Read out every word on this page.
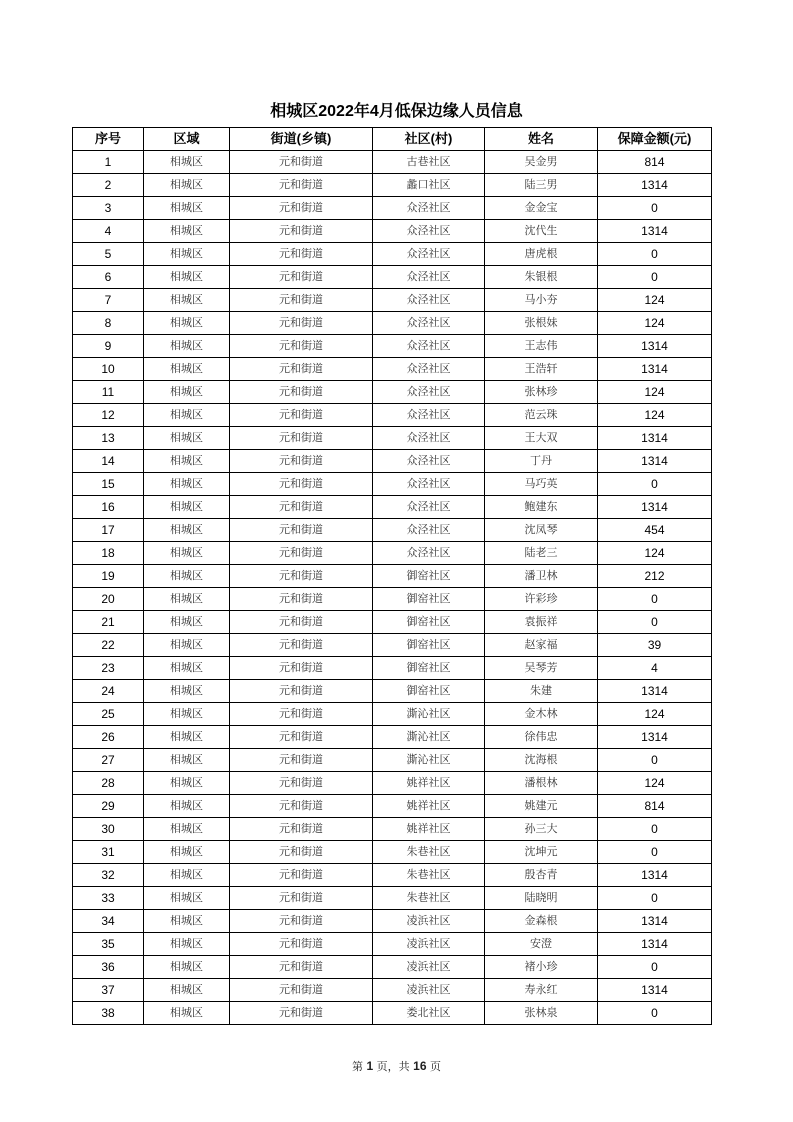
相城区2022年4月低保边缘人员信息
序号	区域	街道(乡镇)	社区(村)	姓名	保障金额(元)
1	相城区	元和街道	古巷社区	吴金男	814
2	相城区	元和街道	蠡口社区	陆三男	1314
3	相城区	元和街道	众泾社区	金金宝	0
4	相城区	元和街道	众泾社区	沈代生	1314
5	相城区	元和街道	众泾社区	唐虎根	0
6	相城区	元和街道	众泾社区	朱银根	0
7	相城区	元和街道	众泾社区	马小夯	124
8	相城区	元和街道	众泾社区	张根妹	124
9	相城区	元和街道	众泾社区	王志伟	1314
10	相城区	元和街道	众泾社区	王浩轩	1314
11	相城区	元和街道	众泾社区	张林珍	124
12	相城区	元和街道	众泾社区	范云珠	124
13	相城区	元和街道	众泾社区	王大双	1314
14	相城区	元和街道	众泾社区	丁丹	1314
15	相城区	元和街道	众泾社区	马巧英	0
16	相城区	元和街道	众泾社区	鲍建东	1314
17	相城区	元和街道	众泾社区	沈凤琴	454
18	相城区	元和街道	众泾社区	陆老三	124
19	相城区	元和街道	御窑社区	潘卫林	212
20	相城区	元和街道	御窑社区	许彩珍	0
21	相城区	元和街道	御窑社区	袁振祥	0
22	相城区	元和街道	御窑社区	赵家福	39
23	相城区	元和街道	御窑社区	吴琴芳	4
24	相城区	元和街道	御窑社区	朱建	1314
25	相城区	元和街道	澌沁社区	金木林	124
26	相城区	元和街道	澌沁社区	徐伟忠	1314
27	相城区	元和街道	澌沁社区	沈海根	0
28	相城区	元和街道	姚祥社区	潘根林	124
29	相城区	元和街道	姚祥社区	姚建元	814
30	相城区	元和街道	姚祥社区	孙三大	0
31	相城区	元和街道	朱巷社区	沈坤元	0
32	相城区	元和街道	朱巷社区	殷杏青	1314
33	相城区	元和街道	朱巷社区	陆晓明	0
34	相城区	元和街道	凌浜社区	金森根	1314
35	相城区	元和街道	凌浜社区	安澄	1314
36	相城区	元和街道	凌浜社区	褚小珍	0
37	相城区	元和街道	凌浜社区	寿永红	1314
38	相城区	元和街道	娄北社区	张林泉	0
第 1 页，共 16 页
